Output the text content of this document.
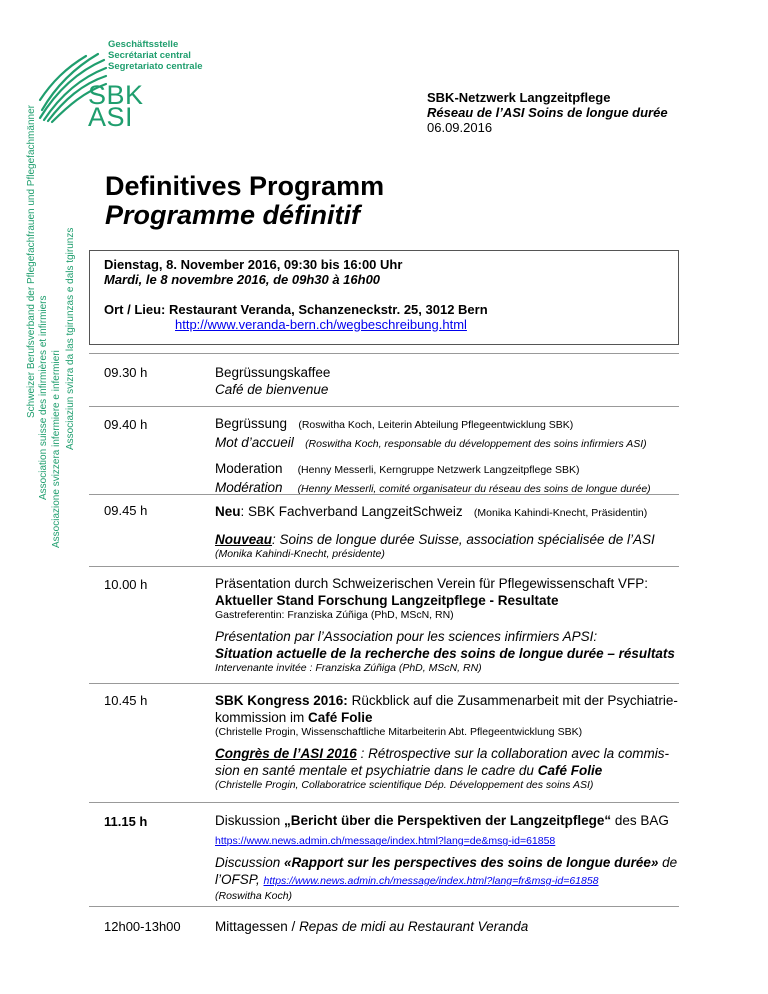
Geschäftsstelle
Secrétariat central
Segretariato centrale
SBK
ASI
Schweizer Berufsverband der Pflegefachfrauen und Pflegefachmänner Association suisse des infirmières et infirmiers Associazione svizzera infermiere e infermieri Associaziun svizra da las tgirunzas e dals tgirunzs
SBK-Netzwerk Langzeitpflege
Réseau de l’ASI Soins de longue durée
06.09.2016
Definitives Programm
Programme définitif
Dienstag, 8. November 2016, 09:30 bis 16:00 Uhr
Mardi, le 8 novembre 2016, de 09h30 à 16h00
Ort / Lieu: Restaurant Veranda, Schanzeneckstr. 25, 3012 Bern
http://www.veranda-bern.ch/wegbeschreibung.html
09.30 h	Begrüssungskaffee
Café de bienvenue
09.40 h	Begrüssung (Roswitha Koch, Leiterin Abteilung Pflegeentwicklung SBK)
Mot d’accueil (Roswitha Koch, responsable du développement des soins infirmiers ASI)
Moderation (Henny Messerli, Kerngruppe Netzwerk Langzeitpflege SBK)
Modération (Henny Messerli, comité organisateur du réseau des soins de longue durée)
09.45 h	Neu: SBK Fachverband LangzeitSchweiz (Monika Kahindi-Knecht, Präsidentin)
Nouveau: Soins de longue durée Suisse, association spécialisée de l’ASI
(Monika Kahindi-Knecht, présidente)
10.00 h	Präsentation durch Schweizerischen Verein für Pflegewissenschaft VFP:
Aktueller Stand Forschung Langzeitpflege - Resultate
Gastreferentin: Franziska Zúñiga (PhD, MScN, RN)
Présentation par l’Association pour les sciences infirmiers APSI:
Situation actuelle de la recherche des soins de longue durée – résultats
Intervenante invitée : Franziska Zúñiga (PhD, MScN, RN)
10.45 h	SBK Kongress 2016: Rückblick auf die Zusammenarbeit mit der Psychiatrie-
kommission im Café Folie
(Christelle Progin, Wissenschaftliche Mitarbeiterin Abt. Pflegeentwicklung SBK)
Congrès de l’ASI 2016 : Rétrospective sur la collaboration avec la commis-
sion en santé mentale et psychiatrie dans le cadre du Café Folie
(Christelle Progin, Collaboratrice scientifique Dép. Développement des soins ASI)
11.15 h	Diskussion „Bericht über die Perspektiven der Langzeitpflege“ des BAG
https://www.news.admin.ch/message/index.html?lang=de&msg-id=61858
Discussion «Rapport sur les perspectives des soins de longue durée» de
l’OFSP, https://www.news.admin.ch/message/index.html?lang=fr&msg-id=61858
(Roswitha Koch)
12h00-13h00	Mittagessen / Repas de midi au Restaurant Veranda
